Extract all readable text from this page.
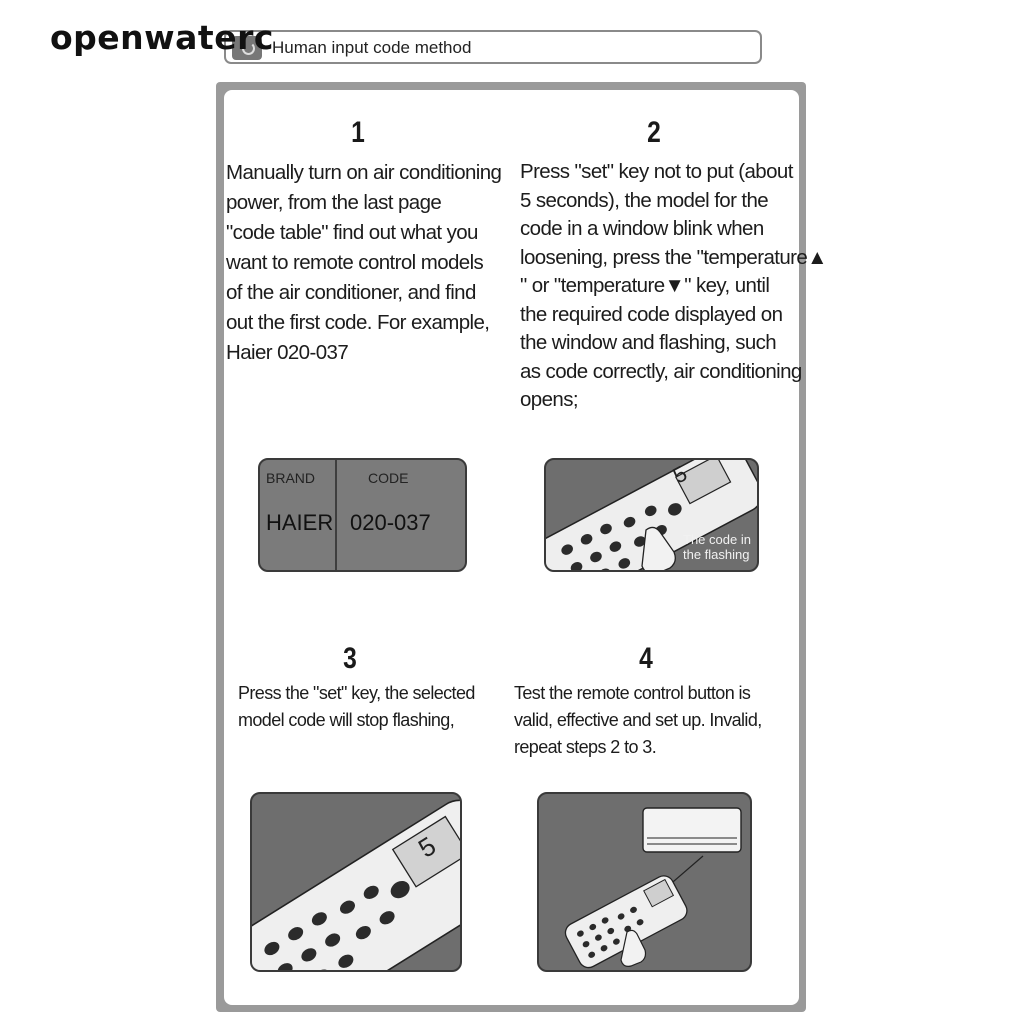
openwaterc
Human input code method
1
Manually turn on air conditioning
power, from the last page
"code table" find out what you
want to remote control models
of the air conditioner, and find
out the first code. For example,
Haier 020-037
2
Press "set" key not to put (about
5 seconds), the model for the
code in a window blink when
loosening, press the "temperature▲
" or "temperature▼" key, until
the required code displayed on
the window and flashing, such
as code correctly, air conditioning
opens;
BRAND	CODE
HAIER 020-037
The code in
the flashing
5
3
Press the "set" key, the selected
model code will stop flashing,
4
Test the remote control button is
valid, effective and set up. Invalid,
repeat steps 2 to 3.
5
